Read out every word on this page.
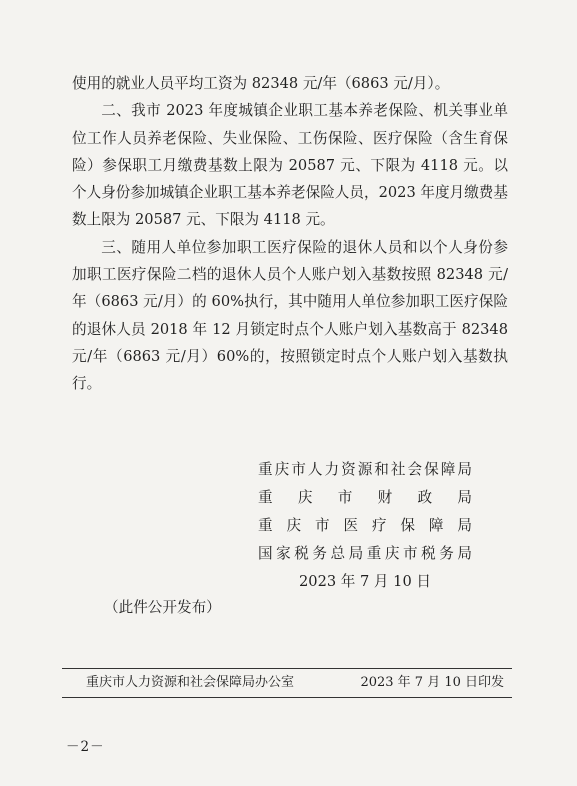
使用的就业人员平均工资为 82348 元/年（6863 元/月）。

二、我市 2023 年度城镇企业职工基本养老保险、机关事业单位工作人员养老保险、失业保险、工伤保险、医疗保险（含生育保险）参保职工月缴费基数上限为 20587 元、下限为 4118 元。以个人身份参加城镇企业职工基本养老保险人员，2023 年度月缴费基数上限为 20587 元、下限为 4118 元。

三、随用人单位参加职工医疗保险的退休人员和以个人身份参加职工医疗保险二档的退休人员个人账户划入基数按照 82348 元/年（6863 元/月）的 60%执行，其中随用人单位参加职工医疗保险的退休人员 2018 年 12 月锁定时点个人账户划入基数高于 82348 元/年（6863 元/月）60%的，按照锁定时点个人账户划入基数执行。

重庆市人力资源和社会保障局
重庆市财政局
重庆市医疗保障局
国家税务总局重庆市税务局
2023 年 7 月 10 日
（此件公开发布）
重庆市人力资源和社会保障局办公室	2023 年 7 月 10 日印发
－2－
